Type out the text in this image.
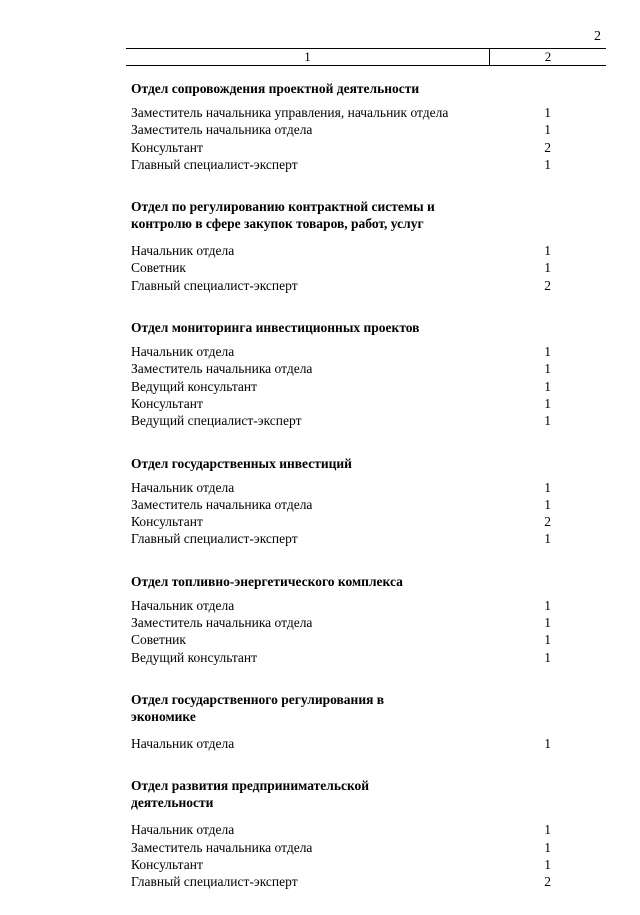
2
1	2
Отдел сопровождения проектной деятельности
Заместитель начальника управления, начальник отдела	1
Заместитель начальника отдела	1
Консультант	2
Главный специалист-эксперт	1
Отдел по регулированию контрактной системы и контролю в сфере закупок товаров, работ, услуг
Начальник отдела	1
Советник	1
Главный специалист-эксперт	2
Отдел мониторинга инвестиционных проектов
Начальник отдела	1
Заместитель начальника отдела	1
Ведущий консультант	1
Консультант	1
Ведущий специалист-эксперт	1
Отдел государственных инвестиций
Начальник отдела	1
Заместитель начальника отдела	1
Консультант	2
Главный специалист-эксперт	1
Отдел топливно-энергетического комплекса
Начальник отдела	1
Заместитель начальника отдела	1
Советник	1
Ведущий консультант	1
Отдел государственного регулирования в экономике
Начальник отдела	1
Отдел развития предпринимательской деятельности
Начальник отдела	1
Заместитель начальника отдела	1
Консультант	1
Главный специалист-эксперт	2
